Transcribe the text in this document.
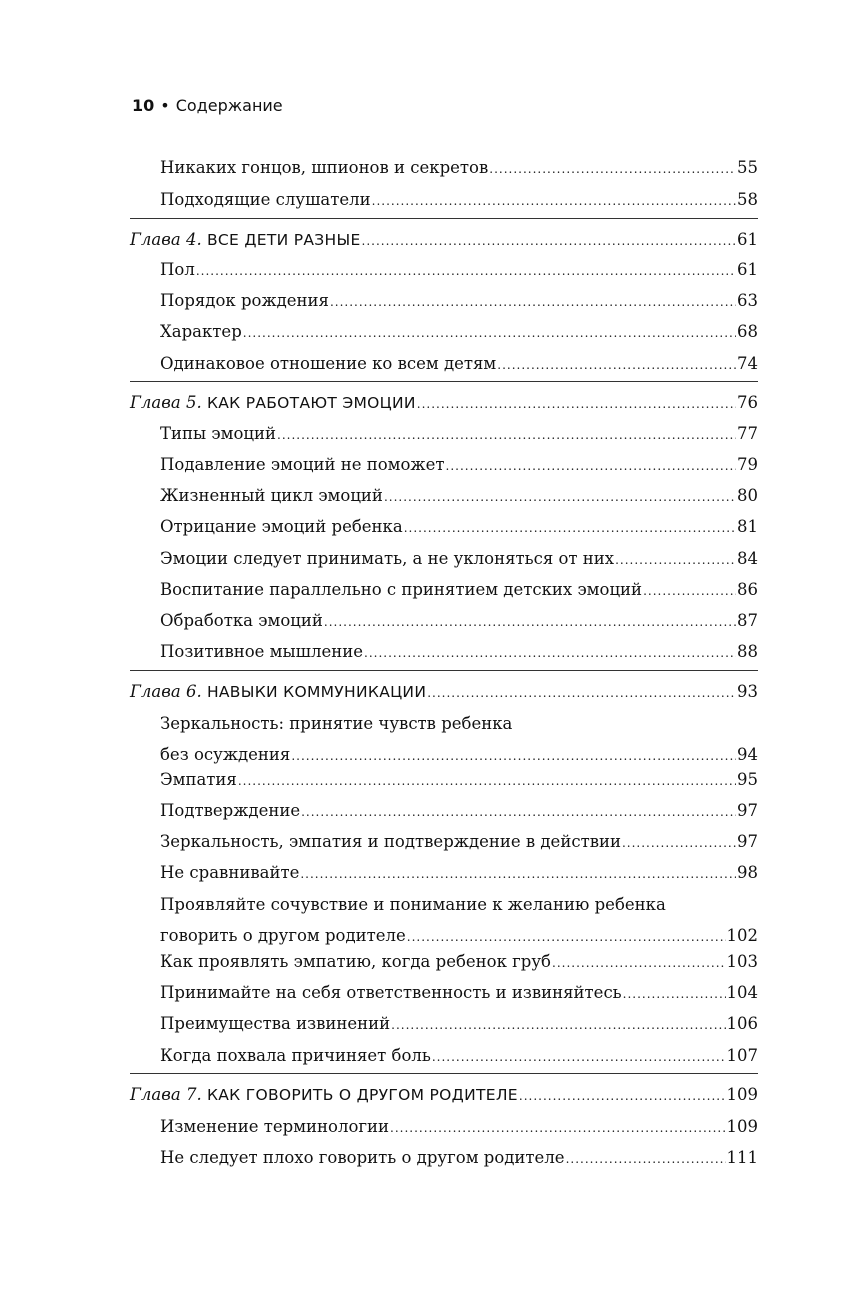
10 • Содержание
Никаких гонцов, шпионов и секретов .....	55
Подходящие слушатели .....	58
Глава 4. ВСЕ ДЕТИ РАЗНЫЕ .....	61
Пол .....	61
Порядок рождения .....	63
Характер .....	68
Одинаковое отношение ко всем детям .....	74
Глава 5. КАК РАБОТАЮТ ЭМОЦИИ .....	76
Типы эмоций .....	77
Подавление эмоций не поможет .....	79
Жизненный цикл эмоций .....	80
Отрицание эмоций ребенка .....	81
Эмоции следует принимать, а не уклоняться от них .....	84
Воспитание параллельно с принятием детских эмоций .....	86
Обработка эмоций .....	87
Позитивное мышление .....	88
Глава 6. НАВЫКИ КОММУНИКАЦИИ .....	93
Зеркальность: принятие чувств ребенка
без осуждения .....	94
Эмпатия .....	95
Подтверждение .....	97
Зеркальность, эмпатия и подтверждение в действии .....	97
Не сравнивайте .....	98
Проявляйте сочувствие и понимание к желанию ребенка
говорить о другом родителе .....	102
Как проявлять эмпатию, когда ребенок груб .....	103
Принимайте на себя ответственность и извиняйтесь .....	104
Преимущества извинений .....	106
Когда похвала причиняет боль .....	107
Глава 7. КАК ГОВОРИТЬ О ДРУГОМ РОДИТЕЛЕ .....	109
Изменение терминологии .....	109
Не следует плохо говорить о другом родителе .....	111
